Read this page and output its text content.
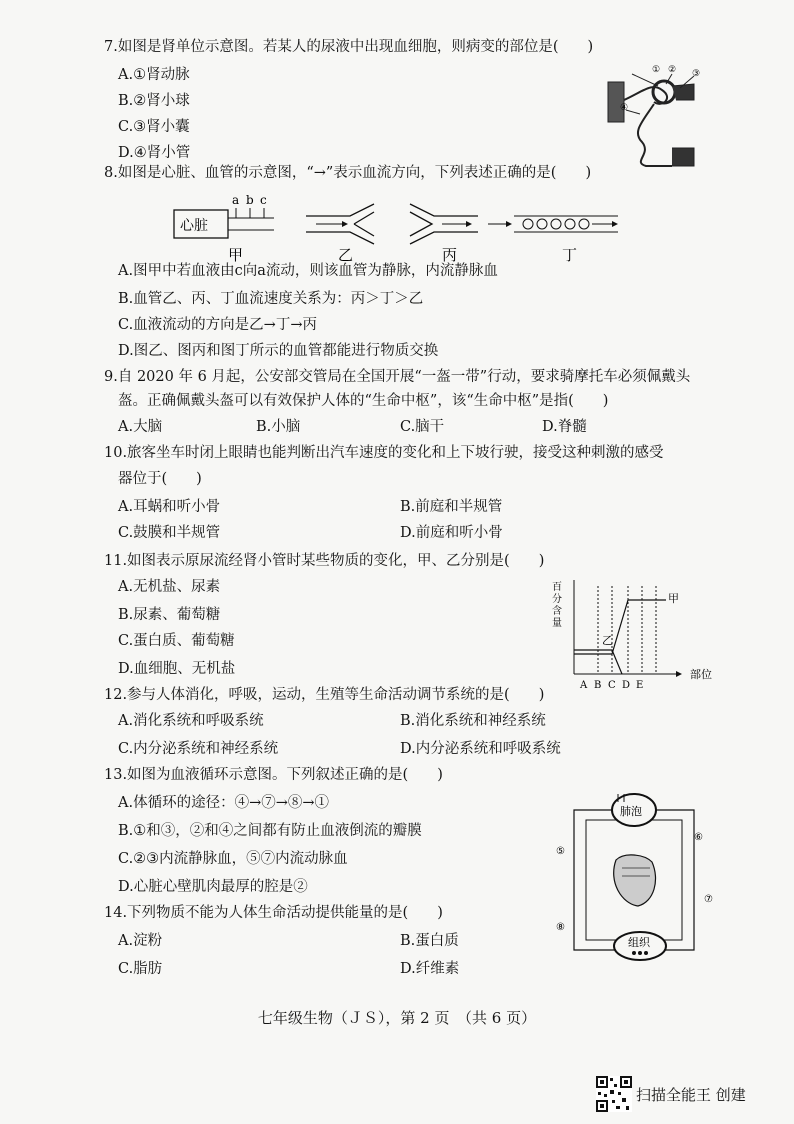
7.如图是肾单位示意图。若某人的尿液中出现血细胞，则病变的部位是(　　)
A.①肾动脉
B.②肾小球
C.③肾小囊
D.④肾小管
① ② ③
④
8.如图是心脏、血管的示意图，“→”表示血流方向，下列表述正确的是(　　)
心脏
a b c
甲	乙	丙	丁
A.图甲中若血液由c向a流动，则该血管为静脉，内流静脉血
B.血管乙、丙、丁血流速度关系为：丙＞丁＞乙
C.血液流动的方向是乙→丁→丙
D.图乙、图丙和图丁所示的血管都能进行物质交换
9.自 2020 年 6 月起，公安部交管局在全国开展“一盔一带”行动，要求骑摩托车必须佩戴头
盔。正确佩戴头盔可以有效保护人体的“生命中枢”，该“生命中枢”是指(　　)
A.大脑	B.小脑	C.脑干	D.脊髓
10.旅客坐车时闭上眼睛也能判断出汽车速度的变化和上下坡行驶，接受这种刺激的感受
器位于(　　)
A.耳蜗和听小骨	B.前庭和半规管
C.鼓膜和半规管	D.前庭和听小骨
11.如图表示原尿流经肾小管时某些物质的变化，甲、乙分别是(　　)
A.无机盐、尿素
B.尿素、葡萄糖
C.蛋白质、葡萄糖
D.血细胞、无机盐
百
分
含
量
甲
乙
A B C D E
部位
12.参与人体消化，呼吸，运动，生殖等生命活动调节系统的是(　　)
A.消化系统和呼吸系统	B.消化系统和神经系统
C.内分泌系统和神经系统	D.内分泌系统和呼吸系统
13.如图为血液循环示意图。下列叙述正确的是(　　)
A.体循环的途径：④→⑦→⑧→①
B.①和③，②和④之间都有防止血液倒流的瓣膜
C.②③内流静脉血，⑤⑦内流动脉血
D.心脏心壁肌肉最厚的腔是②
肺泡
组织
⑤
⑥
⑦
⑧
14.下列物质不能为人体生命活动提供能量的是(　　)
A.淀粉	B.蛋白质
C.脂肪	D.纤维素
七年级生物（ＪＳ），第 2 页　（共 6 页）
扫描全能王 创建
